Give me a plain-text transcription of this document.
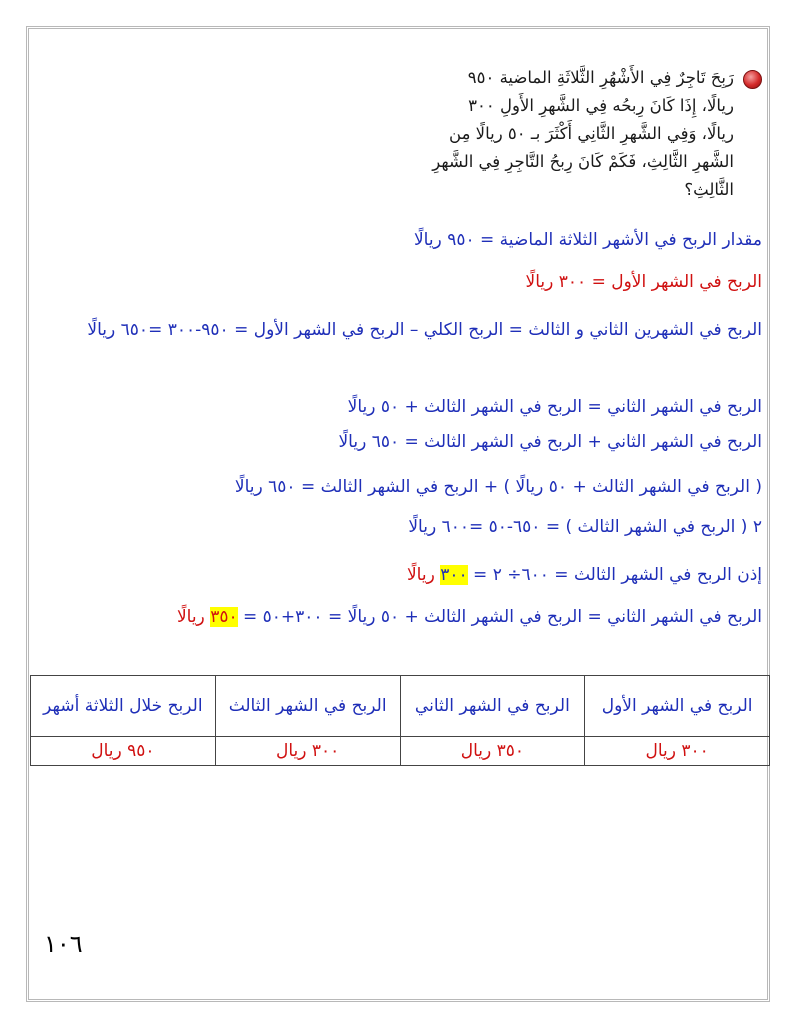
رَبِحَ تَاجِرٌ فِي الأَشْهُرِ الثَّلاثَةِ الماضية ٩٥٠
ريالًا، إِذَا كَانَ رِبحُه فِي الشَّهرِ الأَولِ ٣٠٠
ريالًا، وَفِي الشَّهرِ الثَّانِي أَكْثَرَ بـ ٥٠ ريالًا مِن
الشَّهرِ الثَّالِثِ، فَكَمْ كَانَ رِبحُ التَّاجِرِ فِي الشَّهرِ
الثَّالِثِ؟
مقدار الربح في الأشهر الثلاثة الماضية = ٩٥٠ ريالًا
الربح في الشهر الأول = ٣٠٠ ريالًا
الربح في الشهرين الثاني و الثالث = الربح الكلي – الربح في الشهر الأول = ٩٥٠-٣٠٠ =٦٥٠ ريالًا
الربح في الشهر الثاني = الربح في الشهر الثالث + ٥٠ ريالًا
الربح في الشهر الثاني + الربح في الشهر الثالث = ٦٥٠ ريالًا
( الربح في الشهر الثالث + ٥٠ ريالًا ) + الربح في الشهر الثالث = ٦٥٠ ريالًا
٢ ( الربح في الشهر الثالث ) = ٦٥٠-٥٠ =٦٠٠ ريالًا
إذن الربح في الشهر الثالث = ٦٠٠÷ ٢ = ٣٠٠ ريالًا
الربح في الشهر الثاني = الربح في الشهر الثالث + ٥٠ ريالًا = ٣٠٠+٥٠ = ٣٥٠ ريالًا
الربح في الشهر الأول	الربح في الشهر الثاني	الربح في الشهر الثالث	الربح خلال الثلاثة أشهر
٣٠٠ ريال	٣٥٠ ريال	٣٠٠ ريال	٩٥٠ ريال
١٠٦
